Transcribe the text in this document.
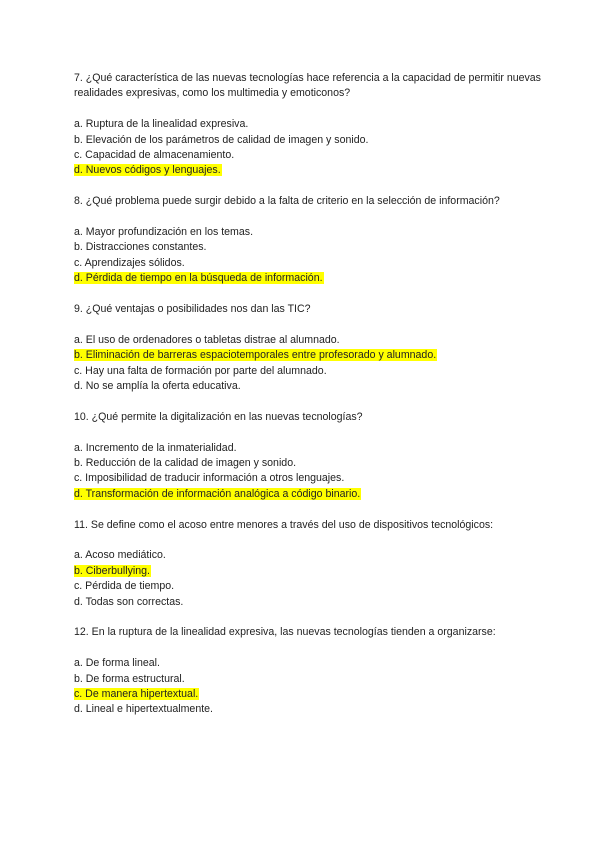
7. ¿Qué característica de las nuevas tecnologías hace referencia a la capacidad de permitir nuevas realidades expresivas, como los multimedia y emoticonos?
a. Ruptura de la linealidad expresiva.
b. Elevación de los parámetros de calidad de imagen y sonido.
c. Capacidad de almacenamiento.
d. Nuevos códigos y lenguajes.
8. ¿Qué problema puede surgir debido a la falta de criterio en la selección de información?
a. Mayor profundización en los temas.
b. Distracciones constantes.
c. Aprendizajes sólidos.
d. Pérdida de tiempo en la búsqueda de información.
9. ¿Qué ventajas o posibilidades nos dan las TIC?
a. El uso de ordenadores o tabletas distrae al alumnado.
b. Eliminación de barreras espaciotemporales entre profesorado y alumnado.
c. Hay una falta de formación por parte del alumnado.
d. No se amplía la oferta educativa.
10. ¿Qué permite la digitalización en las nuevas tecnologías?
a. Incremento de la inmaterialidad.
b. Reducción de la calidad de imagen y sonido.
c. Imposibilidad de traducir información a otros lenguajes.
d. Transformación de información analógica a código binario.
11. Se define como el acoso entre menores a través del uso de dispositivos tecnológicos:
a. Acoso mediático.
b. Ciberbullying.
c. Pérdida de tiempo.
d. Todas son correctas.
12. En la ruptura de la linealidad expresiva, las nuevas tecnologías tienden a organizarse:
a. De forma lineal.
b. De forma estructural.
c. De manera hipertextual.
d. Lineal e hipertextualmente.
